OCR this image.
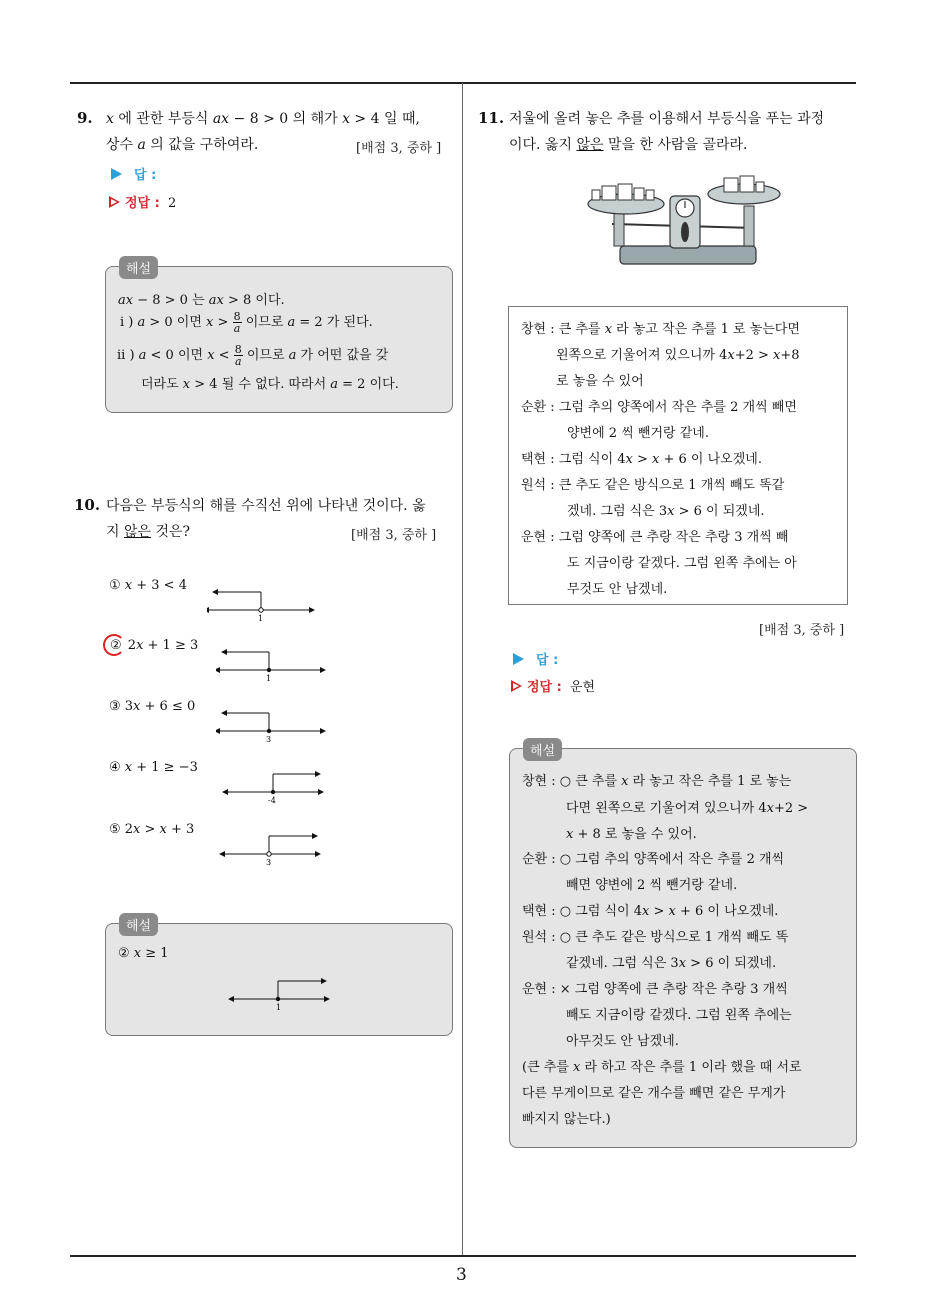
3
9. 𝑥 에 관한 부등식 𝑎𝑥 − 8 > 0 의 해가 𝑥 > 4 일 때,
상수 𝑎 의 값을 구하여라.	[배점 3, 중하 ]
답 :
정답 : 2
해설
𝑎𝑥 − 8 > 0 는 𝑎𝑥 > 8 이다.
i ) 𝑎 > 0 이면 𝑥 > $\frac{8}{\text{𝑎}}$ 이므로 𝑎 = 2 가 된다.
ii ) 𝑎 < 0 이면 𝑥 < $\frac{8}{\text{𝑎}}$ 이므로 𝑎 가 어떤 값을 갖
더라도 𝑥 > 4 될 수 없다. 따라서 𝑎 = 2 이다.
10. 다음은 부등식의 해를 수직선 위에 나타낸 것이다. 옳
지 않은 것은?	[배점 3, 중하 ]
① 𝑥 + 3 < 4
1
② 2𝑥 + 1 ≥ 3
1
③ 3𝑥 + 6 ≤ 0
3
④ 𝑥 + 1 ≥ −3
-4
⑤ 2𝑥 > 𝑥 + 3
3
해설
② 𝑥 ≥ 1
1
11. 저울에 올려 놓은 추를 이용해서 부등식을 푸는 과정
이다. 옳지 않은 말을 한 사람을 골라라.
창현 : 큰 추를 𝑥 라 놓고 작은 추를 1 로 놓는다면
왼쪽으로 기울어져 있으니까 4𝑥+2 > 𝑥+8
로 놓을 수 있어
순환 : 그럼 추의 양쪽에서 작은 추를 2 개씩 빼면
양변에 2 씩 뺀거랑 같네.
택현 : 그럼 식이 4𝑥 > 𝑥 + 6 이 나오겠네.
원석 : 큰 추도 같은 방식으로 1 개씩 빼도 똑같
겠네. 그럼 식은 3𝑥 > 6 이 되겠네.
운현 : 그럼 양쪽에 큰 추랑 작은 추랑 3 개씩 빼
도 지금이랑 같겠다. 그럼 왼쪽 추에는 아
무것도 안 남겠네.
[배점 3, 중하 ]
답 :
정답 : 운현
해설
창현 : ○ 큰 추를 𝑥 라 놓고 작은 추를 1 로 놓는
다면 왼쪽으로 기울어져 있으니까 4𝑥+2 >
𝑥 + 8 로 놓을 수 있어.
순환 : ○ 그럼 추의 양쪽에서 작은 추를 2 개씩
빼면 양변에 2 씩 뺀거랑 같네.
택현 : ○ 그럼 식이 4𝑥 > 𝑥 + 6 이 나오겠네.
원석 : ○ 큰 추도 같은 방식으로 1 개씩 빼도 똑
같겠네. 그럼 식은 3𝑥 > 6 이 되겠네.
운현 : × 그럼 양쪽에 큰 추랑 작은 추랑 3 개씩
빼도 지금이랑 같겠다. 그럼 왼쪽 추에는
아무것도 안 남겠네.
(큰 추를 𝑥 라 하고 작은 추를 1 이라 했을 때 서로
다른 무게이므로 같은 개수를 빼면 같은 무게가
빠지지 않는다.)
